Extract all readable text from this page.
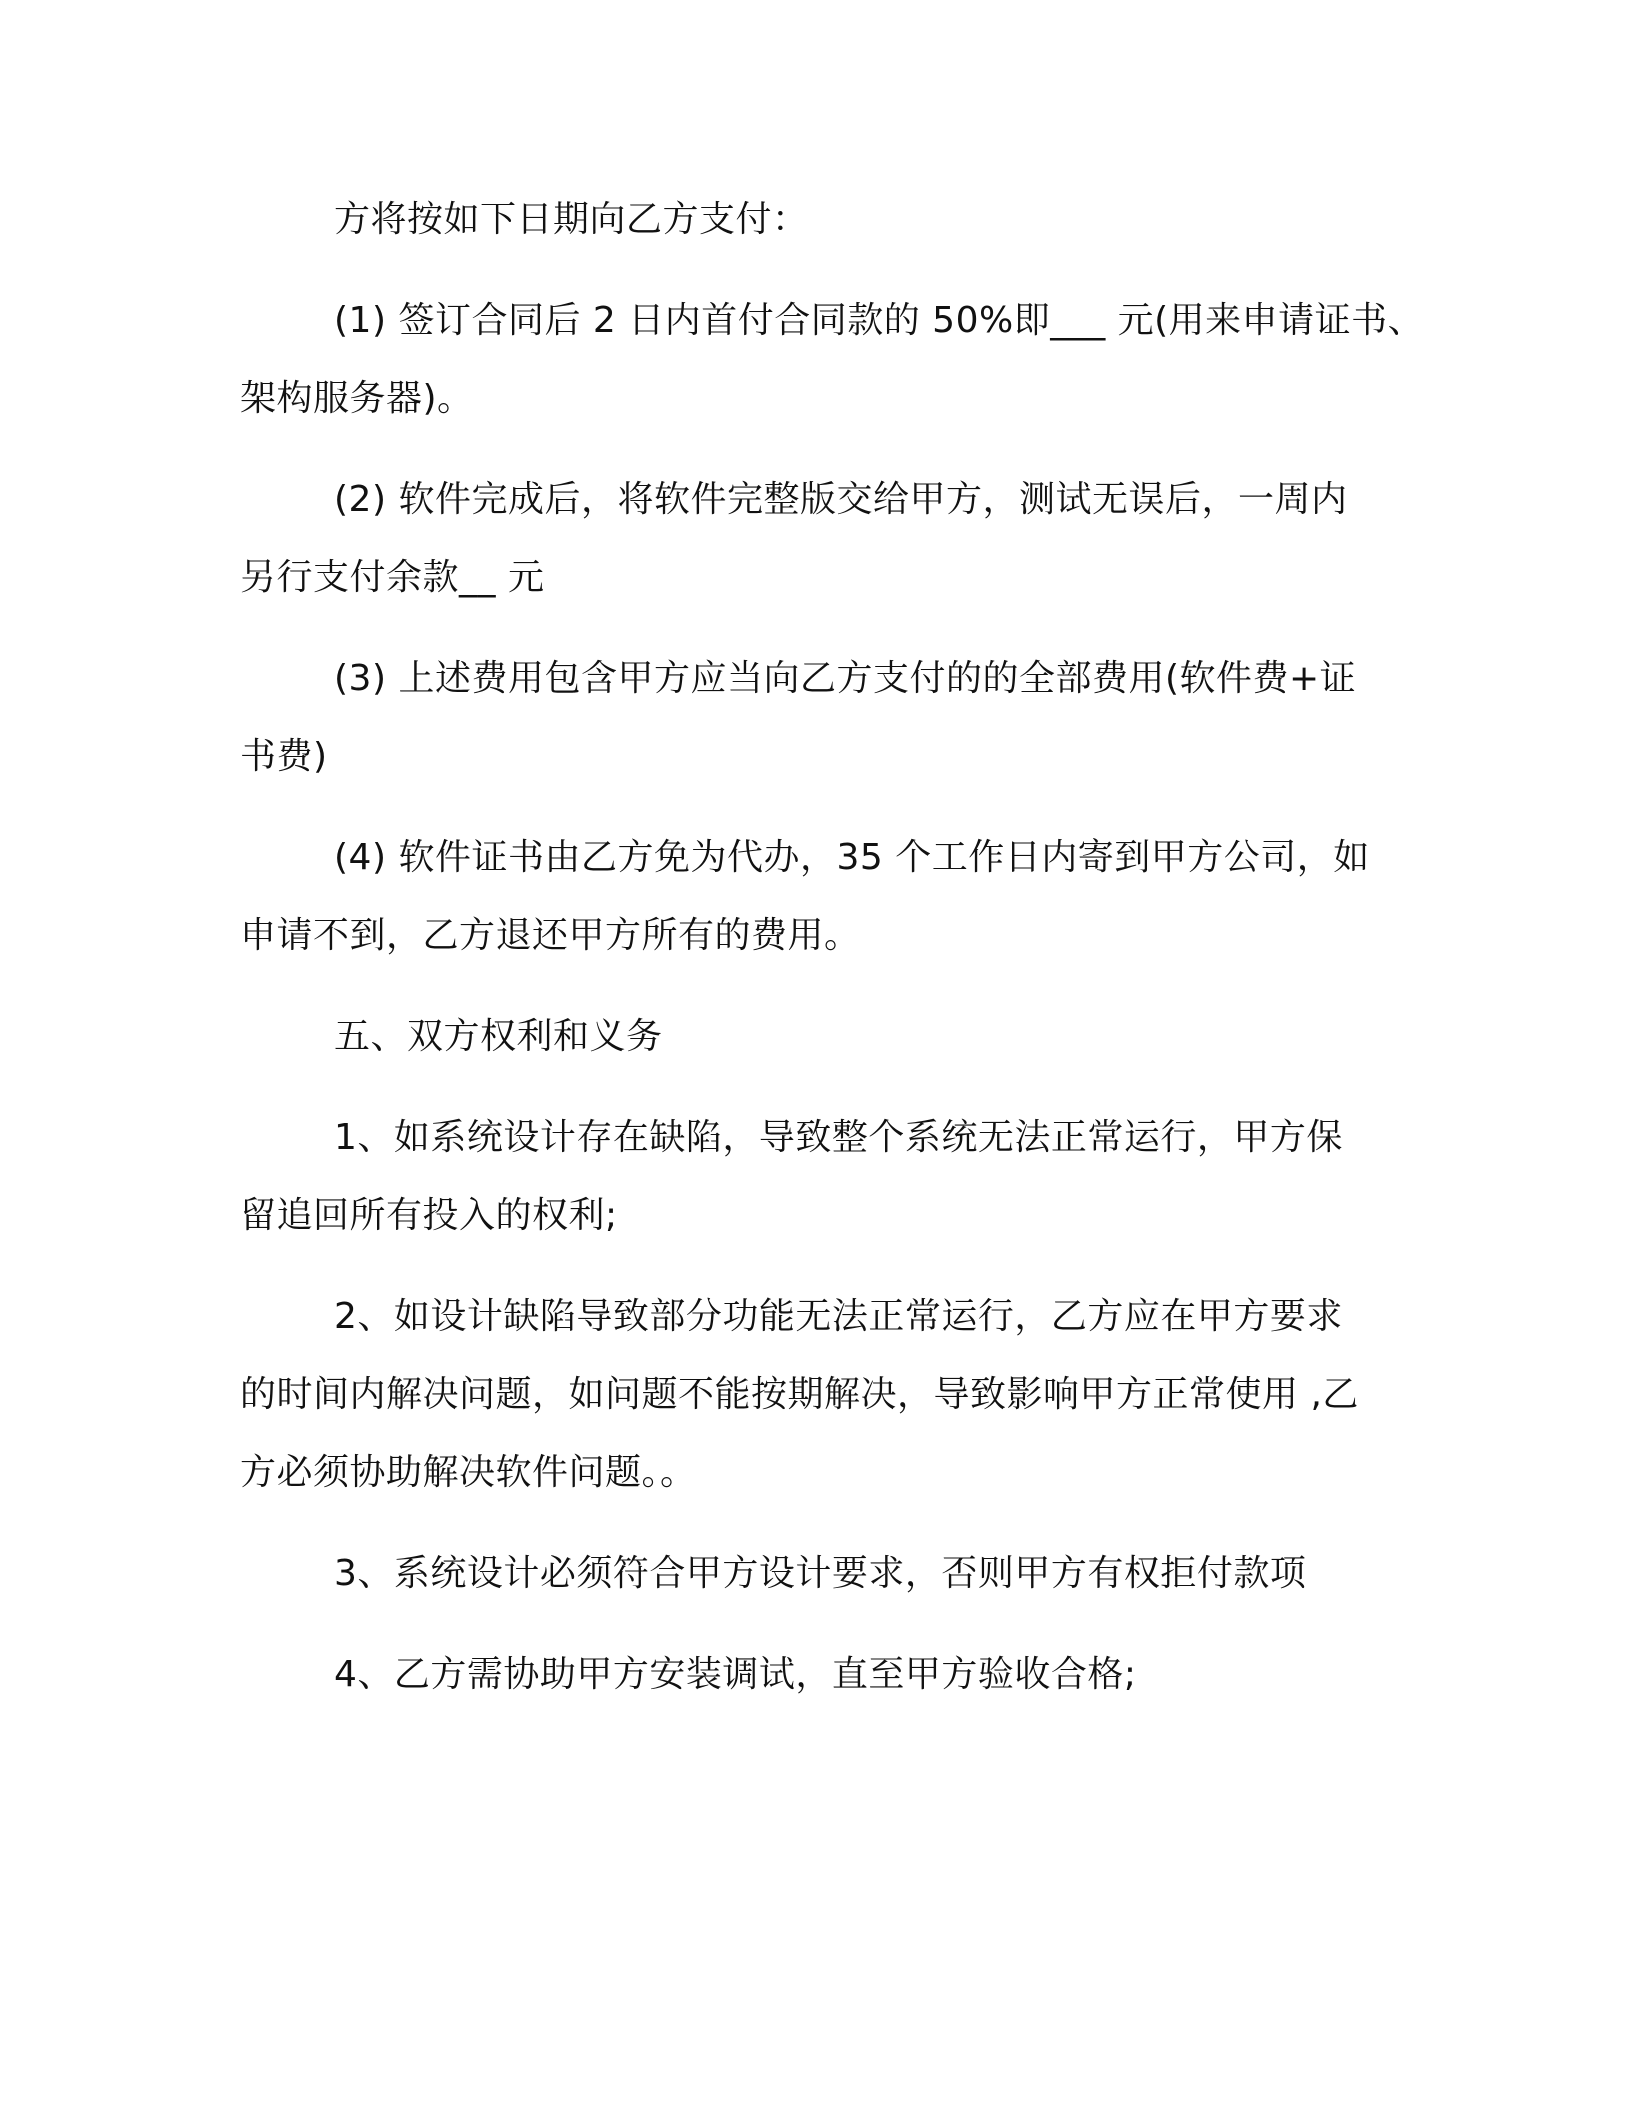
方将按如下日期向乙方支付：
(1) 签订合同后 2 日内首付合同款的 50%即___ 元(用来申请证书、
架构服务器)。
(2) 软件完成后，将软件完整版交给甲方，测试无误后，一周内
另行支付余款__ 元
(3) 上述费用包含甲方应当向乙方支付的的全部费用(软件费+证
书费)
(4) 软件证书由乙方免为代办，35 个工作日内寄到甲方公司，如
申请不到，乙方退还甲方所有的费用。
五、双方权利和义务
1、如系统设计存在缺陷，导致整个系统无法正常运行，甲方保
留追回所有投入的权利;
2、如设计缺陷导致部分功能无法正常运行，乙方应在甲方要求
的时间内解决问题，如问题不能按期解决，导致影响甲方正常使用 ,乙
方必须协助解决软件问题。。
3、系统设计必须符合甲方设计要求，否则甲方有权拒付款项
4、乙方需协助甲方安装调试，直至甲方验收合格;
